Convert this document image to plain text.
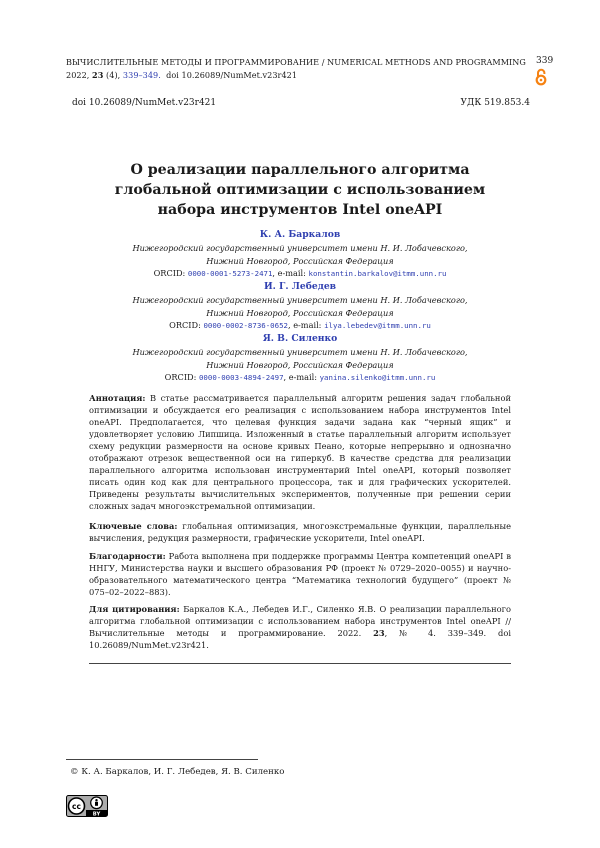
ВЫЧИСЛИТЕЛЬНЫЕ МЕТОДЫ И ПРОГРАММИРОВАНИЕ / NUMERICAL METHODS AND PROGRAMMING
2022, 23 (4), 339–349. doi 10.26089/NumMet.v23r421
339
doi 10.26089/NumMet.v23r421	УДК 519.853.4
О реализации параллельного алгоритма
глобальной оптимизации с использованием
набора инструментов Intel oneAPI
К. А. Баркалов
Нижегородский государственный университет имени Н. И. Лобачевского,
Нижний Новгород, Российская Федерация
ORCID: 0000-0001-5273-2471, e-mail: konstantin.barkalov@itmm.unn.ru
И. Г. Лебедев
Нижегородский государственный университет имени Н. И. Лобачевского,
Нижний Новгород, Российская Федерация
ORCID: 0000-0002-8736-0652, e-mail: ilya.lebedev@itmm.unn.ru
Я. В. Силенко
Нижегородский государственный университет имени Н. И. Лобачевского,
Нижний Новгород, Российская Федерация
ORCID: 0000-0003-4894-2497, e-mail: yanina.silenko@itmm.unn.ru
Аннотация: В статье рассматривается параллельный алгоритм решения задач глобальной оптимизации и обсуждается его реализация с использованием набора инструментов Intel oneAPI. Предполагается, что целевая функция задачи задана как “черный ящик” и удовлетворяет условию Липшица. Изложенный в статье параллельный алгоритм использует схему редукции размерности на основе кривых Пеано, которые непрерывно и однозначно отображают отрезок вещественной оси на гиперкуб. В качестве средства для реализации параллельного алгоритма использован инструментарий Intel oneAPI, который позволяет писать один код как для центрального процессора, так и для графических ускорителей. Приведены результаты вычислительных экспериментов, полученные при решении серии сложных задач многоэкстремальной оптимизации.
Ключевые слова: глобальная оптимизация, многоэкстремальные функции, параллельные вычисления, редукция размерности, графические ускорители, Intel oneAPI.
Благодарности: Работа выполнена при поддержке программы Центра компетенций oneAPI в ННГУ, Министерства науки и высшего образования РФ (проект № 0729–2020–0055) и научно-образовательного математического центра “Математика технологий будущего” (проект № 075–02–2022–883).
Для цитирования: Баркалов К.А., Лебедев И.Г., Силенко Я.В. О реализации параллельного алгоритма глобальной оптимизации с использованием набора инструментов Intel oneAPI // Вычислительные методы и программирование. 2022. 23, № 4. 339–349. doi 10.26089/NumMet.v23r421.
© К. А. Баркалов, И. Г. Лебедев, Я. В. Силенко
cc
BY
